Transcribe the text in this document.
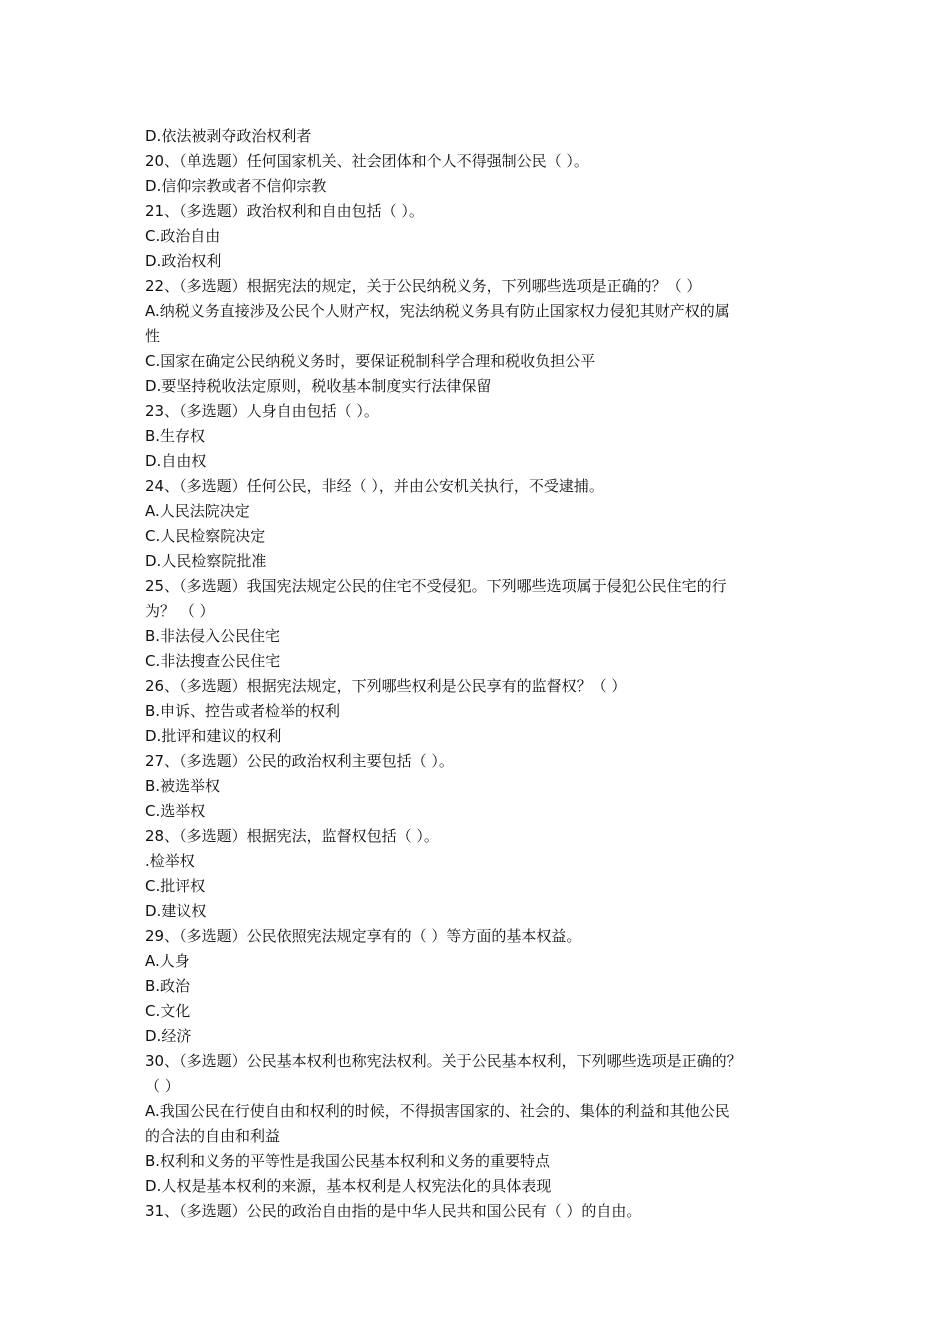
D.依法被剥夺政治权利者
20、（单选题）任何国家机关、社会团体和个人不得强制公民（ ）。
D.信仰宗教或者不信仰宗教
21、（多选题）政治权利和自由包括（ ）。
C.政治自由
D.政治权利
22、（多选题）根据宪法的规定，关于公民纳税义务，下列哪些选项是正确的？（ ）
A.纳税义务直接涉及公民个人财产权，宪法纳税义务具有防止国家权力侵犯其财产权的属
性
C.国家在确定公民纳税义务时，要保证税制科学合理和税收负担公平
D.要坚持税收法定原则，税收基本制度实行法律保留
23、（多选题）人身自由包括（ ）。
B.生存权
D.自由权
24、（多选题）任何公民，非经（ ），并由公安机关执行，不受逮捕。
A.人民法院决定
C.人民检察院决定
D.人民检察院批准
25、（多选题）我国宪法规定公民的住宅不受侵犯。下列哪些选项属于侵犯公民住宅的行
为？ （ ）
B.非法侵入公民住宅
C.非法搜查公民住宅
26、（多选题）根据宪法规定，下列哪些权利是公民享有的监督权？（ ）
B.申诉、控告或者检举的权利
D.批评和建议的权利
27、（多选题）公民的政治权利主要包括（ ）。
B.被选举权
C.选举权
28、（多选题）根据宪法，监督权包括（ ）。
.检举权
C.批评权
D.建议权
29、（多选题）公民依照宪法规定享有的（ ）等方面的基本权益。
A.人身
B.政治
C.文化
D.经济
30、（多选题）公民基本权利也称宪法权利。关于公民基本权利，下列哪些选项是正确的？
（ ）
A.我国公民在行使自由和权利的时候，不得损害国家的、社会的、集体的利益和其他公民
的合法的自由和利益
B.权利和义务的平等性是我国公民基本权利和义务的重要特点
D.人权是基本权利的来源，基本权利是人权宪法化的具体表现
31、（多选题）公民的政治自由指的是中华人民共和国公民有（ ）的自由。
